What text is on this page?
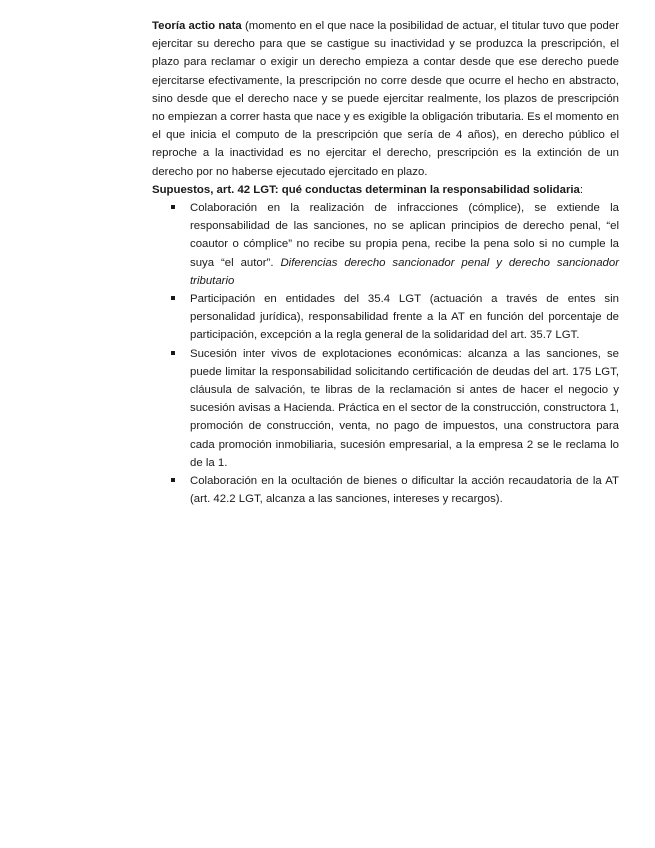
Teoría actio nata (momento en el que nace la posibilidad de actuar, el titular tuvo que poder ejercitar su derecho para que se castigue su inactividad y se produzca la prescripción, el plazo para reclamar o exigir un derecho empieza a contar desde que ese derecho puede ejercitarse efectivamente, la prescripción no corre desde que ocurre el hecho en abstracto, sino desde que el derecho nace y se puede ejercitar realmente, los plazos de prescripción no empiezan a correr hasta que nace y es exigible la obligación tributaria. Es el momento en el que inicia el computo de la prescripción que sería de 4 años), en derecho público el reproche a la inactividad es no ejercitar el derecho, prescripción es la extinción de un derecho por no haberse ejecutado ejercitado en plazo.

Supuestos, art. 42 LGT: qué conductas determinan la responsabilidad solidaria:

Colaboración en la realización de infracciones (cómplice), se extiende la responsabilidad de las sanciones, no se aplican principios de derecho penal, “el coautor o cómplice” no recibe su propia pena, recibe la pena solo si no cumple la suya “el autor”. Diferencias derecho sancionador penal y derecho sancionador tributario
Participación en entidades del 35.4 LGT (actuación a través de entes sin personalidad jurídica), responsabilidad frente a la AT en función del porcentaje de participación, excepción a la regla general de la solidaridad del art. 35.7 LGT.
Sucesión inter vivos de explotaciones económicas: alcanza a las sanciones, se puede limitar la responsabilidad solicitando certificación de deudas del art. 175 LGT, cláusula de salvación, te libras de la reclamación si antes de hacer el negocio y sucesión avisas a Hacienda. Práctica en el sector de la construcción, constructora 1, promoción de construcción, venta, no pago de impuestos, una constructora para cada promoción inmobiliaria, sucesión empresarial, a la empresa 2 se le reclama lo de la 1.
Colaboración en la ocultación de bienes o dificultar la acción recaudatoria de la AT (art. 42.2 LGT, alcanza a las sanciones, intereses y recargos).
